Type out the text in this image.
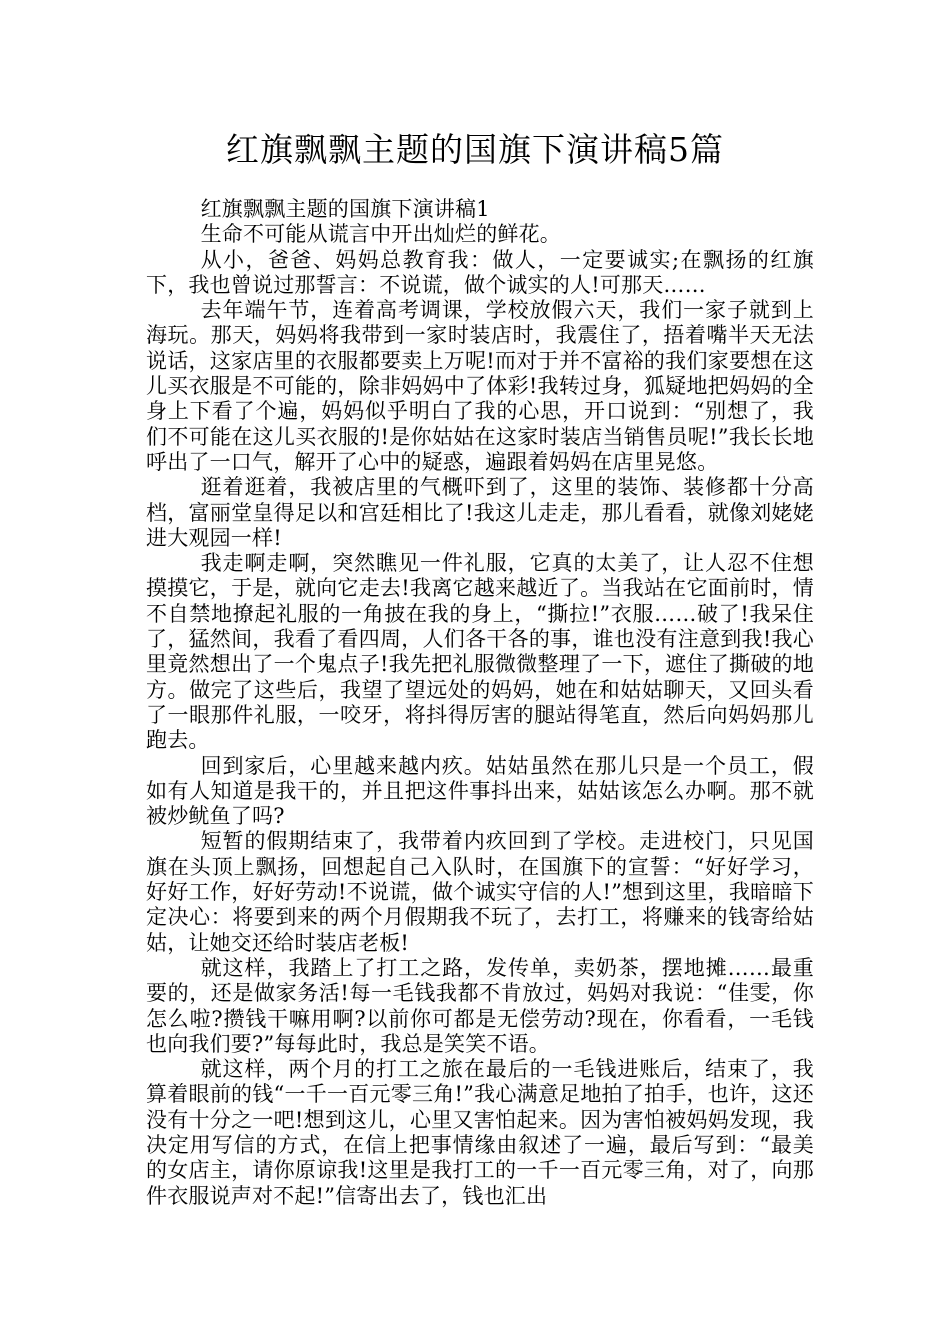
红旗飘飘主题的国旗下演讲稿5篇

红旗飘飘主题的国旗下演讲稿1

生命不可能从谎言中开出灿烂的鲜花。

从小，爸爸、妈妈总教育我：做人，一定要诚实;在飘扬的红旗下，我也曾说过那誓言：不说谎，做个诚实的人!可那天……

去年端午节，连着高考调课，学校放假六天，我们一家子就到上海玩。那天，妈妈将我带到一家时装店时，我震住了，捂着嘴半天无法说话，这家店里的衣服都要卖上万呢!而对于并不富裕的我们家要想在这儿买衣服是不可能的，除非妈妈中了体彩!我转过身，狐疑地把妈妈的全身上下看了个遍，妈妈似乎明白了我的心思，开口说到：“别想了，我们不可能在这儿买衣服的!是你姑姑在这家时装店当销售员呢!”我长长地呼出了一口气，解开了心中的疑惑，遍跟着妈妈在店里晃悠。

逛着逛着，我被店里的气概吓到了，这里的装饰、装修都十分高档，富丽堂皇得足以和宫廷相比了!我这儿走走，那儿看看，就像刘姥姥进大观园一样!

我走啊走啊，突然瞧见一件礼服，它真的太美了，让人忍不住想摸摸它，于是，就向它走去!我离它越来越近了。当我站在它面前时，情不自禁地撩起礼服的一角披在我的身上，“撕拉!”衣服……破了!我呆住了，猛然间，我看了看四周，人们各干各的事，谁也没有注意到我!我心里竟然想出了一个鬼点子!我先把礼服微微整理了一下，遮住了撕破的地方。做完了这些后，我望了望远处的妈妈，她在和姑姑聊天，又回头看了一眼那件礼服，一咬牙，将抖得厉害的腿站得笔直，然后向妈妈那儿跑去。

回到家后，心里越来越内疚。姑姑虽然在那儿只是一个员工，假如有人知道是我干的，并且把这件事抖出来，姑姑该怎么办啊。那不就被炒鱿鱼了吗?

短暂的假期结束了，我带着内疚回到了学校。走进校门，只见国旗在头顶上飘扬，回想起自己入队时，在国旗下的宣誓：“好好学习，好好工作，好好劳动!不说谎，做个诚实守信的人!”想到这里，我暗暗下定决心：将要到来的两个月假期我不玩了，去打工，将赚来的钱寄给姑姑，让她交还给时装店老板!

就这样，我踏上了打工之路，发传单，卖奶茶，摆地摊……最重要的，还是做家务活!每一毛钱我都不肯放过，妈妈对我说：“佳雯，你怎么啦?攒钱干嘛用啊?以前你可都是无偿劳动?现在，你看看，一毛钱也向我们要?”每每此时，我总是笑笑不语。

就这样，两个月的打工之旅在最后的一毛钱进账后，结束了，我算着眼前的钱“一千一百元零三角!”我心满意足地拍了拍手，也许，这还没有十分之一吧!想到这儿，心里又害怕起来。因为害怕被妈妈发现，我决定用写信的方式，在信上把事情缘由叙述了一遍，最后写到：“最美的女店主，请你原谅我!这里是我打工的一千一百元零三角，对了，向那件衣服说声对不起!”信寄出去了，钱也汇出
